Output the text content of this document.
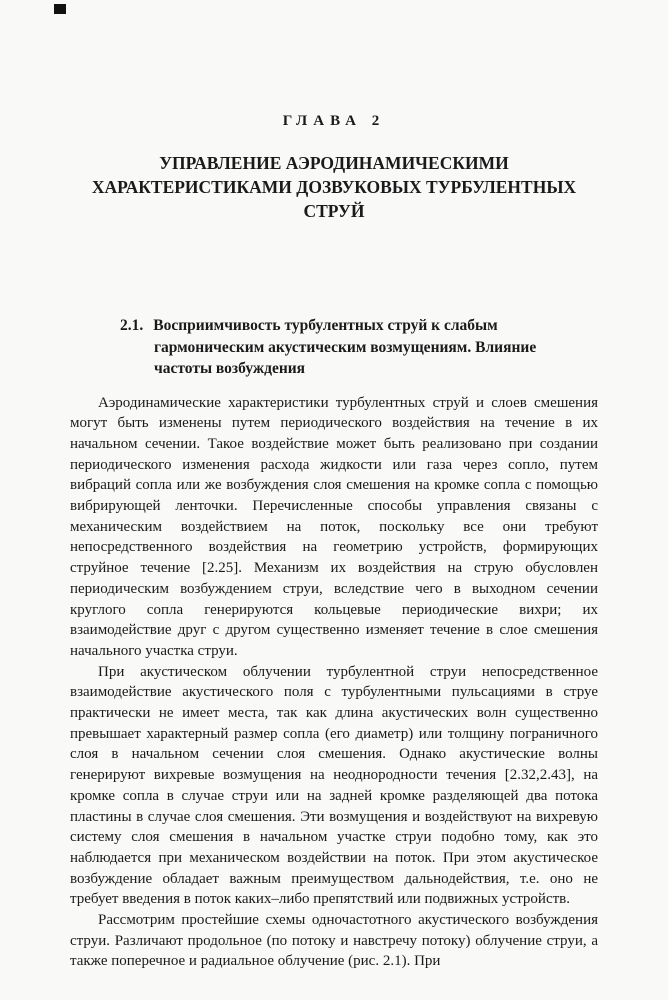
ГЛАВА 2
УПРАВЛЕНИЕ АЭРОДИНАМИЧЕСКИМИ
ХАРАКТЕРИСТИКАМИ ДОЗВУКОВЫХ ТУРБУЛЕНТНЫХ
СТРУЙ
2.1. Восприимчивость турбулентных струй к слабым
гармоническим акустическим возмущениям. Влияние
частоты возбуждения

Аэродинамические характеристики турбулентных струй и слоев смешения могут быть изменены путем периодического воздействия на течение в их начальном сечении. Такое воздействие может быть реализовано при создании периодического изменения расхода жидкости или газа через сопло, путем вибраций сопла или же возбуждения слоя смешения на кромке сопла с помощью вибрирующей ленточки. Перечисленные способы управления связаны с механическим воздействием на поток, поскольку все они требуют непосредственного воздействия на геометрию устройств, формирующих струйное течение [2.25]. Механизм их воздействия на струю обусловлен периодическим возбуждением струи, вследствие чего в выходном сечении круглого сопла генерируются кольцевые периодические вихри; их взаимодействие друг с другом существенно изменяет течение в слое смешения начального участка струи.

При акустическом облучении турбулентной струи непосредственное взаимодействие акустического поля с турбулентными пульсациями в струе практически не имеет места, так как длина акустических волн существенно превышает характерный размер сопла (его диаметр) или толщину пограничного слоя в начальном сечении слоя смешения. Однако акустические волны генерируют вихревые возмущения на неоднородности течения [2.32,2.43], на кромке сопла в случае струи или на задней кромке разделяющей два потока пластины в случае слоя смешения. Эти возмущения и воздействуют на вихревую систему слоя смешения в начальном участке струи подобно тому, как это наблюдается при механическом воздействии на поток. При этом акустическое возбуждение обладает важным преимуществом дальнодействия, т.е. оно не требует введения в поток каких–либо препятствий или подвижных устройств.

Рассмотрим простейшие схемы одночастотного акустического возбуждения струи. Различают продольное (по потоку и навстречу потоку) облучение струи, а также поперечное и радиальное облучение (рис. 2.1). При
